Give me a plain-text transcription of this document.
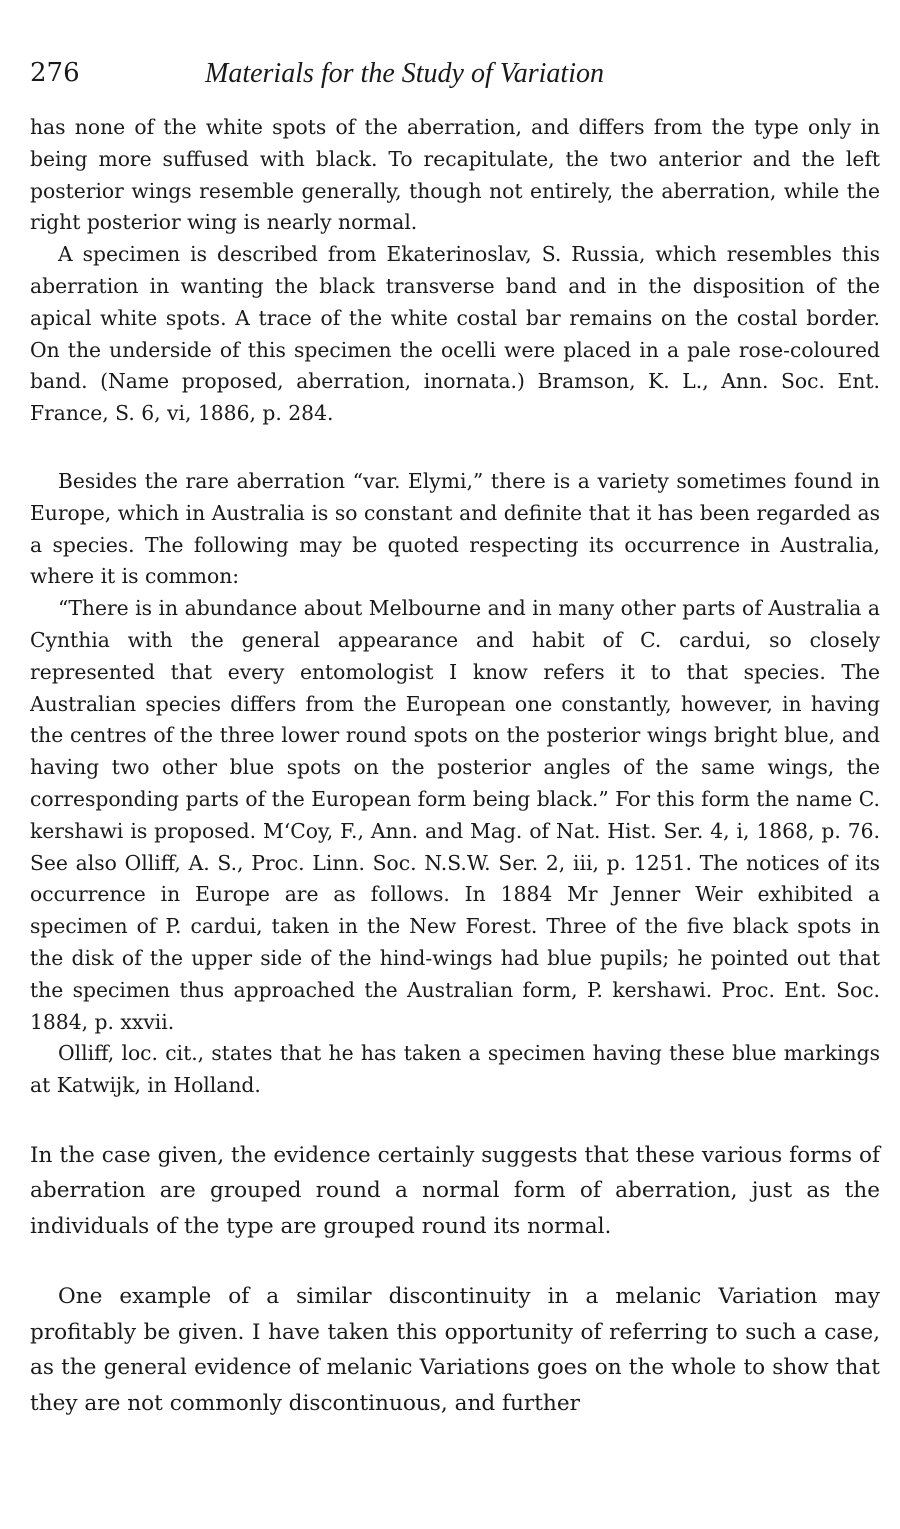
276	Materials for the Study of Variation

has none of the white spots of the aberration, and differs from the type only in being more suffused with black. To recapitulate, the two anterior and the left posterior wings resemble generally, though not entirely, the aberration, while the right posterior wing is nearly normal.

A specimen is described from Ekaterinoslav, S. Russia, which resembles this aberration in wanting the black transverse band and in the disposition of the apical white spots. A trace of the white costal bar remains on the costal border. On the underside of this specimen the ocelli were placed in a pale rose-coloured band. (Name proposed, aberration, inornata.) Bramson, K. L., Ann. Soc. Ent. France, S. 6, vi, 1886, p. 284.

Besides the rare aberration “var. Elymi,” there is a variety sometimes found in Europe, which in Australia is so constant and definite that it has been regarded as a species. The following may be quoted respecting its occurrence in Australia, where it is common:

“There is in abundance about Melbourne and in many other parts of Australia a Cynthia with the general appearance and habit of C. cardui, so closely represented that every entomologist I know refers it to that species. The Australian species differs from the European one constantly, however, in having the centres of the three lower round spots on the posterior wings bright blue, and having two other blue spots on the posterior angles of the same wings, the corresponding parts of the European form being black.” For this form the name C. kershawi is proposed. M‘Coy, F., Ann. and Mag. of Nat. Hist. Ser. 4, i, 1868, p. 76. See also Olliff, A. S., Proc. Linn. Soc. N.S.W. Ser. 2, iii, p. 1251. The notices of its occurrence in Europe are as follows. In 1884 Mr Jenner Weir exhibited a specimen of P. cardui, taken in the New Forest. Three of the five black spots in the disk of the upper side of the hind-wings had blue pupils; he pointed out that the specimen thus approached the Australian form, P. kershawi. Proc. Ent. Soc. 1884, p. xxvii.

Olliff, loc. cit., states that he has taken a specimen having these blue markings at Katwijk, in Holland.

In the case given, the evidence certainly suggests that these various forms of aberration are grouped round a normal form of aberration, just as the individuals of the type are grouped round its normal.

One example of a similar discontinuity in a melanic Variation may profitably be given. I have taken this opportunity of referring to such a case, as the general evidence of melanic Variations goes on the whole to show that they are not commonly discontinuous, and further
